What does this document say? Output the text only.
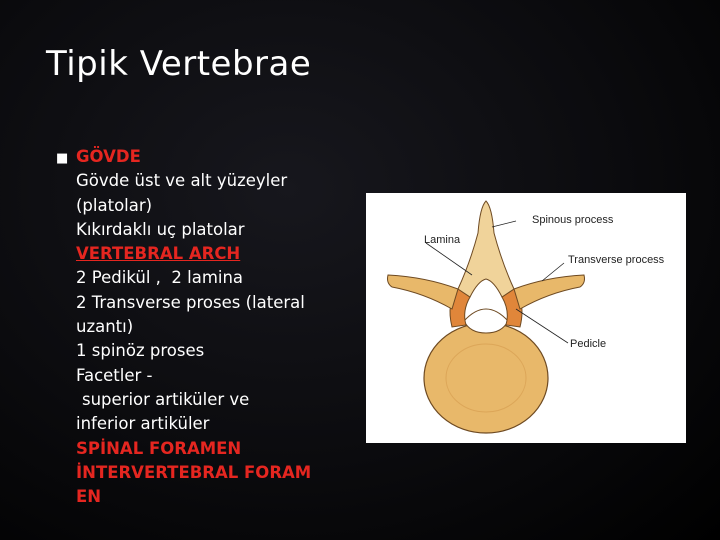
Tipik Vertebrae
■ GÖVDE
Gövde üst ve alt yüzeyler
(platolar)
Kıkırdaklı uç platolar
VERTEBRAL ARCH
2 Pedikül ,  2 lamina
2 Transverse proses (lateral
uzantı)
1 spinöz proses
Facetler -
superior artiküler ve
inferior artiküler
SPİNAL FORAMEN
İNTERVERTEBRAL FORAM
EN
Spinous process
Lamina
Transverse process
Pedicle
